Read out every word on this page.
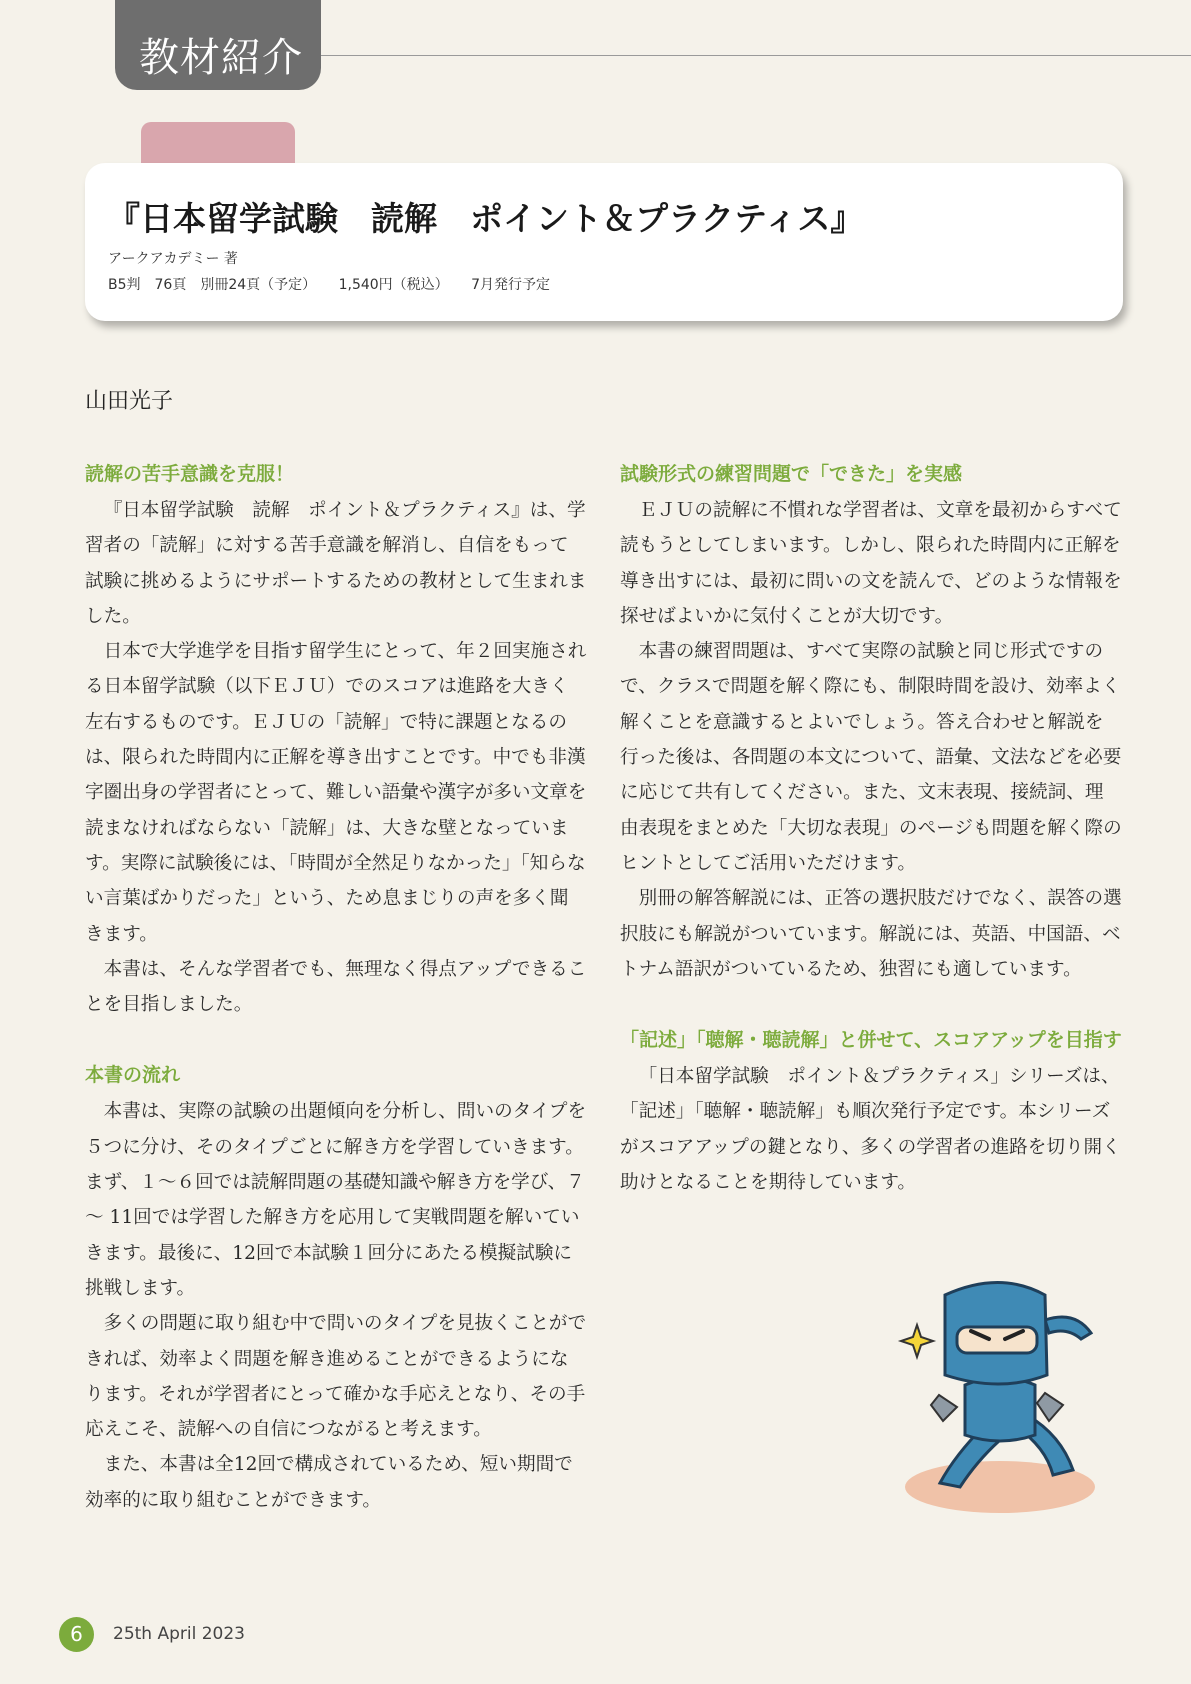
教材紹介
『日本留学試験　読解　ポイント＆プラクティス』
アークアカデミー 著
B5判　76頁　別冊24頁（予定） 1,540円（税込） 7月発行予定
山田光子
読解の苦手意識を克服！

『日本留学試験　読解　ポイント＆プラクティス』は、学習者の「読解」に対する苦手意識を解消し、自信をもって試験に挑めるようにサポートするための教材として生まれました。

日本で大学進学を目指す留学生にとって、年２回実施される日本留学試験（以下ＥＪＵ）でのスコアは進路を大きく左右するものです。ＥＪＵの「読解」で特に課題となるのは、限られた時間内に正解を導き出すことです。中でも非漢字圏出身の学習者にとって、難しい語彙や漢字が多い文章を読まなければならない「読解」は、大きな壁となっています。実際に試験後には、「時間が全然足りなかった」「知らない言葉ばかりだった」という、ため息まじりの声を多く聞きます。

本書は、そんな学習者でも、無理なく得点アップできることを目指しました。

本書の流れ

本書は、実際の試験の出題傾向を分析し、問いのタイプを５つに分け、そのタイプごとに解き方を学習していきます。まず、１～６回では読解問題の基礎知識や解き方を学び、７～ 11回では学習した解き方を応用して実戦問題を解いていきます。最後に、12回で本試験１回分にあたる模擬試験に挑戦します。

多くの問題に取り組む中で問いのタイプを見抜くことができれば、効率よく問題を解き進めることができるようになります。それが学習者にとって確かな手応えとなり、その手応えこそ、読解への自信につながると考えます。

また、本書は全12回で構成されているため、短い期間で効率的に取り組むことができます。

試験形式の練習問題で「できた」を実感

ＥＪＵの読解に不慣れな学習者は、文章を最初からすべて読もうとしてしまいます。しかし、限られた時間内に正解を導き出すには、最初に問いの文を読んで、どのような情報を探せばよいかに気付くことが大切です。

本書の練習問題は、すべて実際の試験と同じ形式ですので、クラスで問題を解く際にも、制限時間を設け、効率よく解くことを意識するとよいでしょう。答え合わせと解説を行った後は、各問題の本文について、語彙、文法などを必要に応じて共有してください。また、文末表現、接続詞、理由表現をまとめた「大切な表現」のページも問題を解く際のヒントとしてご活用いただけます。

別冊の解答解説には、正答の選択肢だけでなく、誤答の選択肢にも解説がついています。解説には、英語、中国語、ベトナム語訳がついているため、独習にも適しています。

「記述」「聴解・聴読解」と併せて、スコアアップを目指す

「日本留学試験　ポイント＆プラクティス」シリーズは、「記述」「聴解・聴読解」も順次発行予定です。本シリーズがスコアアップの鍵となり、多くの学習者の進路を切り開く助けとなることを期待しています。

6	25th April 2023
